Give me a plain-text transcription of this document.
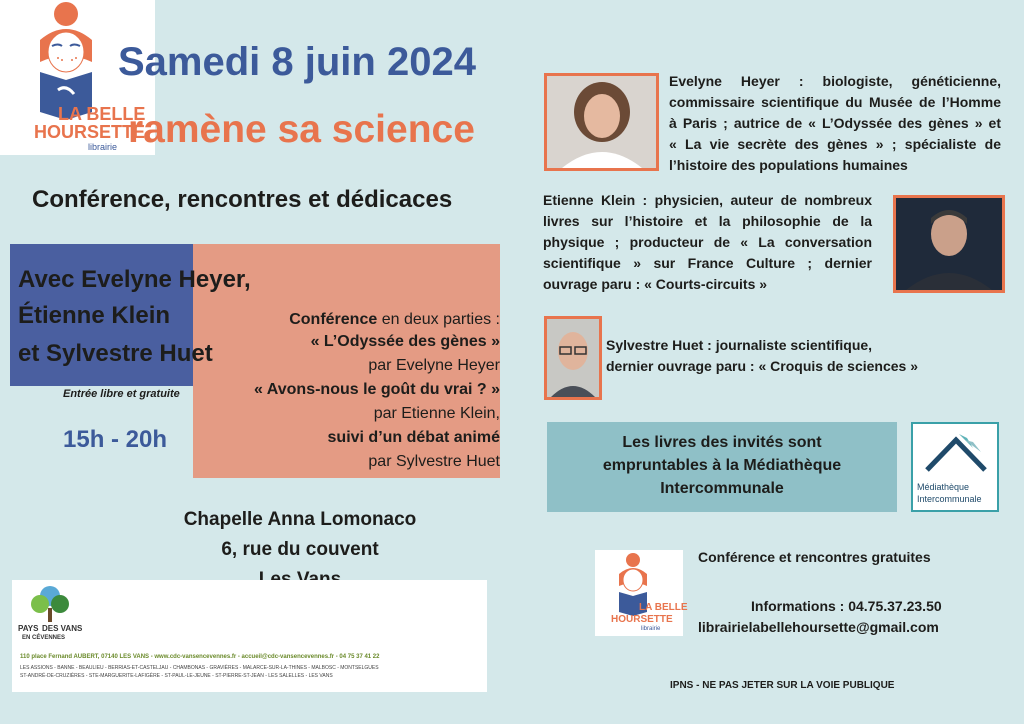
LA BELLE
HOURSETTE
librairie
Samedi 8 juin 2024
ramène sa science
Conférence, rencontres et dédicaces
Avec Evelyne Heyer,
Étienne Klein
et Sylvestre Huet
Conférence en deux parties :
« L’Odyssée des gènes »
par Evelyne Heyer
« Avons-nous le goût du vrai ? »
par Etienne Klein,
suivi d’un débat animé
par Sylvestre Huet
Entrée libre et gratuite
15h - 20h
Chapelle Anna Lomonaco
6, rue du couvent
PAYS DES VANS
EN CÉVENNES
110 place Fernand AUBERT, 07140 LES VANS - www.cdc-vansencevennes.fr - accueil@cdc-vansencevennes.fr - 04 75 37 41 22
LES ASSIONS - BANNE - BEAULIEU - BERRIAS-ET-CASTELJAU - CHAMBONAS - GRAVIÈRES - MALARCE-SUR-LA-THINES - MALBOSC - MONTSELGUES
ST-ANDRÉ-DE-CRUZIÈRES - STE-MARGUERITE-LAFIGÈRE - ST-PAUL-LE-JEUNE - ST-PIERRE-ST-JEAN - LES SALELLES - LES VANS
Evelyne Heyer : biologiste, généticienne,
commissaire scientifique du Musée de l’Homme
à Paris ; autrice de « L’Odyssée des gènes » et
« La vie secrète des gènes » ; spécialiste de
l’histoire des populations humaines
Etienne Klein : physicien, auteur de nombreux
livres sur l’histoire et la philosophie de la
physique ; producteur de « La conversation
scientifique » sur France Culture ; dernier
ouvrage paru : « Courts-circuits »
Sylvestre Huet : journaliste scientifique,
dernier ouvrage paru : « Croquis de sciences »
Les livres des invités sont
empruntables à la Médiathèque
Intercommunale	Médiathèque
Intercommunale
LA BELLE
HOURSETTE
librairie
Conférence et rencontres gratuites
Informations : 04.75.37.23.50
librairielabellehoursette@gmail.com
IPNS - NE PAS JETER SUR LA VOIE PUBLIQUE
